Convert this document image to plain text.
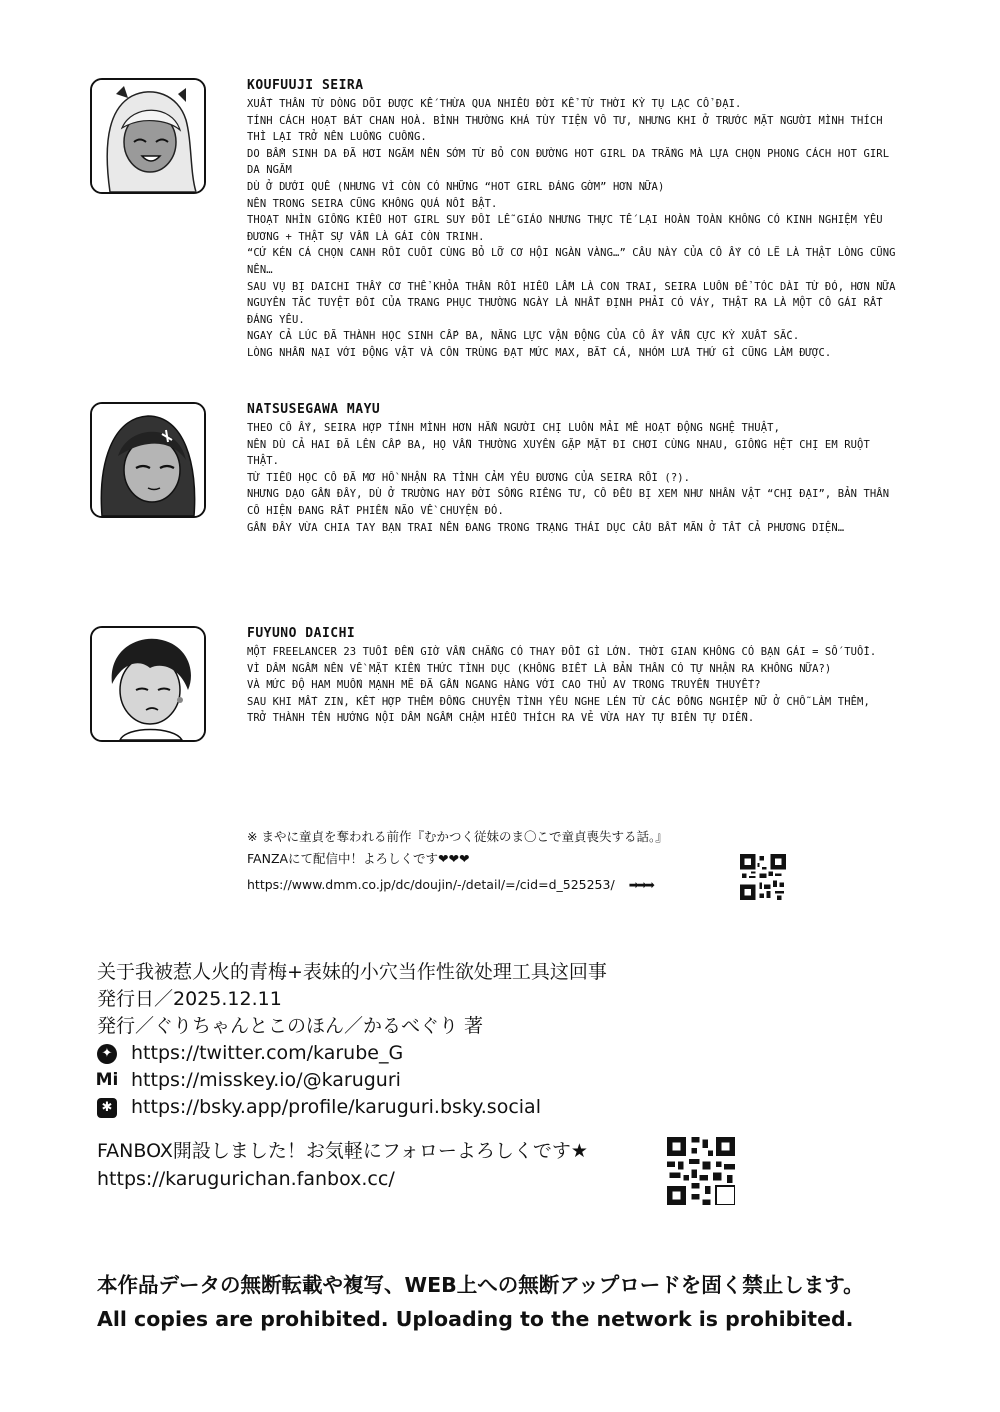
KOUFUUJI SEIRA
XUẤT THÂN TỪ DÒNG DÕI ĐƯỢC KẾ THỪA QUA NHIỀU ĐỜI KỂ TỪ THỜI KỲ TỤ LẠC CỔ ĐẠI.
TÍNH CÁCH HOẠT BÁT CHAN HOÀ. BÌNH THƯỜNG KHÁ TÙY TIỆN VÔ TƯ, NHƯNG KHI Ở TRƯỚC MẶT NGƯỜI MÌNH THÍCH THÌ LẠI TRỞ NÊN LUỐNG CUỐNG.
DO BẨM SINH DA ĐÃ HƠI NGĂM NÊN SỚM TỪ BỎ CON ĐƯỜNG HOT GIRL DA TRẮNG MÀ LỰA CHỌN PHONG CÁCH HOT GIRL DA NGĂM
DÙ Ở DƯỚI QUÊ (NHƯNG VÌ CÒN CÓ NHỮNG “HOT GIRL ĐÁNG GỜM” HƠN NỮA)
NÊN TRONG SEIRA CŨNG KHÔNG QUÁ NỔI BẬT.
THOẠT NHÌN GIỐNG KIỂU HOT GIRL SUY ĐỒI LỄ GIÁO NHƯNG THỰC TẾ LẠI HOÀN TOÀN KHÔNG CÓ KINH NGHIỆM YÊU ĐƯƠNG + THẬT SỰ VẪN LÀ GÁI CÒN TRINH.
“CỨ KÉN CÁ CHỌN CANH RỒI CUỐI CÙNG BỎ LỠ CƠ HỘI NGÀN VÀNG…” CÂU NÀY CỦA CÔ ẤY CÓ LẼ LÀ THẬT LÒNG CŨNG NÊN…
SAU VỤ BỊ DAICHI THẤY CƠ THỂ KHỎA THÂN RỒI HIỂU LẦM LÀ CON TRAI, SEIRA LUÔN ĐỂ TÓC DÀI TỪ ĐÓ, HƠN NỮA NGUYÊN TẮC TUYỆT ĐỐI CỦA TRANG PHỤC THƯỜNG NGÀY LÀ NHẤT ĐỊNH PHẢI CÓ VÁY, THẬT RA LÀ MỘT CÔ GÁI RẤT ĐÁNG YÊU.
NGAY CẢ LÚC ĐÃ THÀNH HỌC SINH CẤP BA, NĂNG LỰC VẬN ĐỘNG CỦA CÔ ẤY VẪN CỰC KỲ XUẤT SẮC.
LÒNG NHẪN NẠI VỚI ĐỘNG VẬT VÀ CÔN TRÙNG ĐẠT MỨC MAX, BẮT CÁ, NHÓM LỬA THỨ GÌ CŨNG LÀM ĐƯỢC.
NATSUSEGAWA MAYU
THEO CÔ ẤY, SEIRA HỢP TÍNH MÌNH HƠN HẲN NGƯỜI CHỊ LUÔN MẢI MÊ HOẠT ĐỘNG NGHỆ THUẬT,
NÊN DÙ CẢ HAI ĐÃ LÊN CẤP BA, HỌ VẪN THƯỜNG XUYÊN GẶP MẶT ĐI CHƠI CÙNG NHAU, GIỐNG HỆT CHỊ EM RUỘT THẬT.
TỪ TIỂU HỌC CÔ ĐÃ MƠ HỒ NHẬN RA TÌNH CẢM YÊU ĐƯƠNG CỦA SEIRA RỒI (?).
NHƯNG DẠO GẦN ĐÂY, DÙ Ở TRƯỜNG HAY ĐỜI SỐNG RIÊNG TƯ, CÔ ĐỀU BỊ XEM NHƯ NHÂN VẬT “CHỊ ĐẠI”, BẢN THÂN CÔ HIỆN ĐANG RẤT PHIỀN NÃO VỀ CHUYỆN ĐÓ.
GẦN ĐÂY VỪA CHIA TAY BẠN TRAI NÊN ĐANG TRONG TRẠNG THÁI DỤC CẦU BẤT MÃN Ở TẤT CẢ PHƯƠNG DIỆN…
FUYUNO DAICHI
MỘT FREELANCER 23 TUỔI ĐẾN GIỜ VẪN CHẲNG CÓ THAY ĐỔI GÌ LỚN. THỜI GIAN KHÔNG CÓ BẠN GÁI = SỐ TUỔI.
VÌ DÂM NGẦM NÊN VỀ MẶT KIẾN THỨC TÌNH DỤC (KHÔNG BIẾT LÀ BẢN THÂN CÓ TỰ NHẬN RA KHÔNG NỮA?)
VÀ MỨC ĐỘ HAM MUỐN MẠNH MẼ ĐÃ GẦN NGANG HÀNG VỚI CAO THỦ AV TRONG TRUYỀN THUYẾT?
SAU KHI MẤT ZIN, KẾT HỢP THÊM ĐỐNG CHUYỆN TÌNH YÊU NGHE LÉN TỪ CÁC ĐỒNG NGHIỆP NỮ Ở CHỖ LÀM THÊM,
TRỞ THÀNH TÊN HƯỚNG NỘI DÂM NGẦM CHẬM HIỂU THÍCH RA VẺ VỪA HAY TỰ BIÊN TỰ DIỄN.
※ まやに童貞を奪われる前作『むかつく従妹のま〇こで童貞喪失する話。』
FANZAにて配信中！よろしくです❤❤❤
https://www.dmm.co.jp/dc/doujin/-/detail/=/cid=d_525253/ ➡➡➡
关于我被惹人火的青梅+表妹的小穴当作性欲处理工具这回事
発行日／2025.12.11
発行／ぐりちゃんとこのほん／かるべぐり 著
✦ https://twitter.com/karube_G
Mi https://misskey.io/@karuguri
✱ https://bsky.app/profile/karuguri.bsky.social
FANBOX開設しました！お気軽にフォローよろしくです★
https://karugurichan.fanbox.cc/
本作品データの無断転載や複写、WEB上への無断アップロードを固く禁止します。
All copies are prohibited. Uploading to the network is prohibited.
